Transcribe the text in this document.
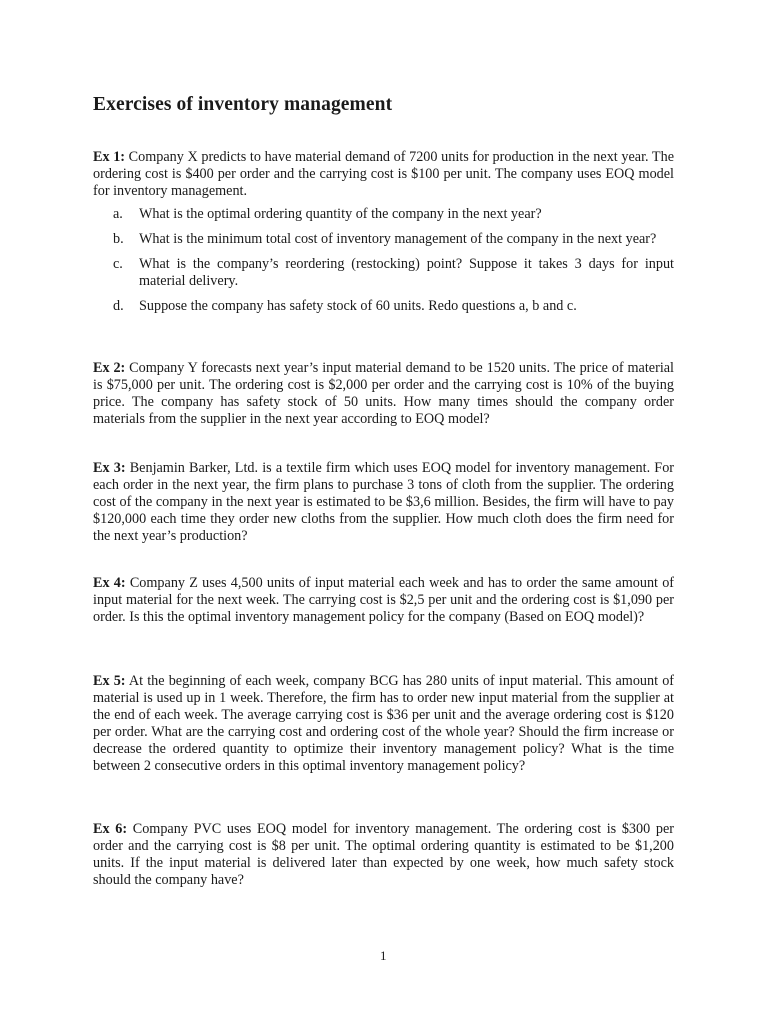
Exercises of inventory management

Ex 1: Company X predicts to have material demand of 7200 units for production in the next year. The ordering cost is $400 per order and the carrying cost is $100 per unit. The company uses EOQ model for inventory management.

a. What is the optimal ordering quantity of the company in the next year?
b. What is the minimum total cost of inventory management of the company in the next year?
c. What is the company’s reordering (restocking) point? Suppose it takes 3 days for input material delivery.
d. Suppose the company has safety stock of 60 units. Redo questions a, b and c.

Ex 2: Company Y forecasts next year’s input material demand to be 1520 units. The price of material is $75,000 per unit. The ordering cost is $2,000 per order and the carrying cost is 10% of the buying price. The company has safety stock of 50 units. How many times should the company order materials from the supplier in the next year according to EOQ model?

Ex 3: Benjamin Barker, Ltd. is a textile firm which uses EOQ model for inventory management. For each order in the next year, the firm plans to purchase 3 tons of cloth from the supplier. The ordering cost of the company in the next year is estimated to be $3,6 million. Besides, the firm will have to pay $120,000 each time they order new cloths from the supplier. How much cloth does the firm need for the next year’s production?

Ex 4: Company Z uses 4,500 units of input material each week and has to order the same amount of input material for the next week. The carrying cost is $2,5 per unit and the ordering cost is $1,090 per order. Is this the optimal inventory management policy for the company (Based on EOQ model)?

Ex 5: At the beginning of each week, company BCG has 280 units of input material. This amount of material is used up in 1 week. Therefore, the firm has to order new input material from the supplier at the end of each week. The average carrying cost is $36 per unit and the average ordering cost is $120 per order. What are the carrying cost and ordering cost of the whole year? Should the firm increase or decrease the ordered quantity to optimize their inventory management policy? What is the time between 2 consecutive orders in this optimal inventory management policy?

Ex 6: Company PVC uses EOQ model for inventory management. The ordering cost is $300 per order and the carrying cost is $8 per unit. The optimal ordering quantity is estimated to be $1,200 units. If the input material is delivered later than expected by one week, how much safety stock should the company have?

1
